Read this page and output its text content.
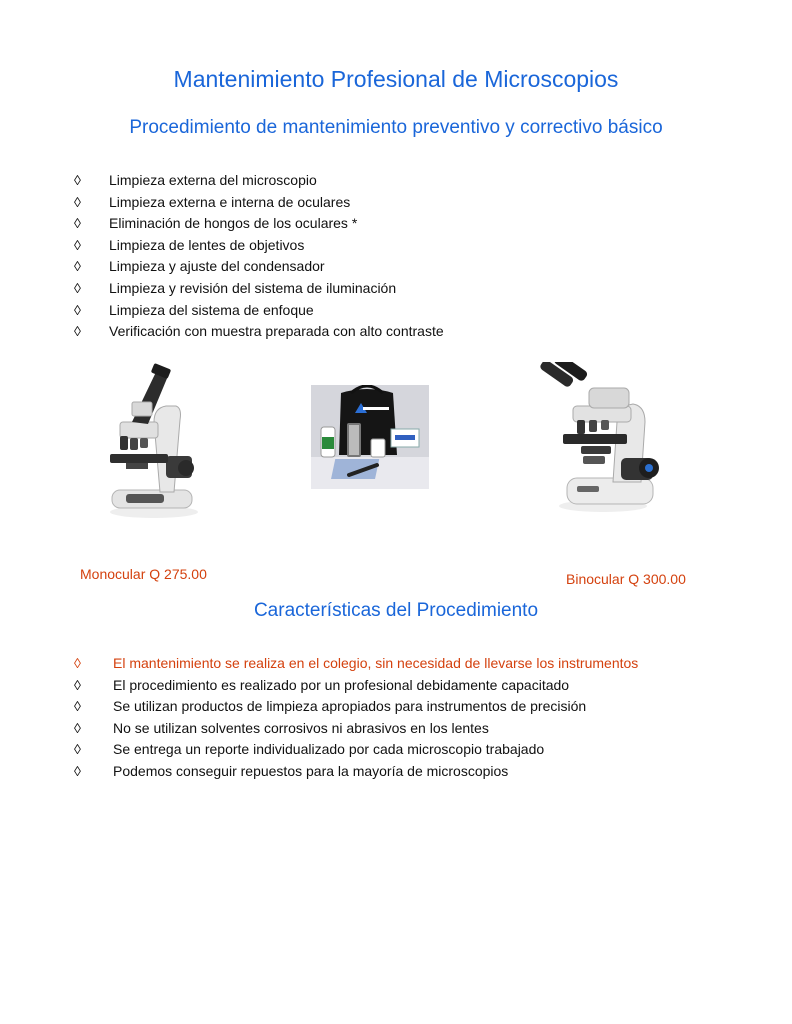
Mantenimiento Profesional de Microscopios
Procedimiento de mantenimiento preventivo y correctivo básico
◊ Limpieza externa del microscopio
◊ Limpieza externa e interna de oculares
◊ Eliminación de hongos de los oculares *
◊ Limpieza de lentes de objetivos
◊ Limpieza y ajuste del condensador
◊ Limpieza y revisión del sistema de iluminación
◊ Limpieza del sistema de enfoque
◊ Verificación con muestra preparada con alto contraste
Monocular Q 275.00	Binocular Q 300.00
Características del Procedimiento
◊ El mantenimiento se realiza en el colegio, sin necesidad de llevarse los instrumentos
◊ El procedimiento es realizado por un profesional debidamente capacitado
◊ Se utilizan productos de limpieza apropiados para instrumentos de precisión
◊ No se utilizan solventes corrosivos ni abrasivos en los lentes
◊ Se entrega un reporte individualizado por cada microscopio trabajado
◊ Podemos conseguir repuestos para la mayoría de microscopios
